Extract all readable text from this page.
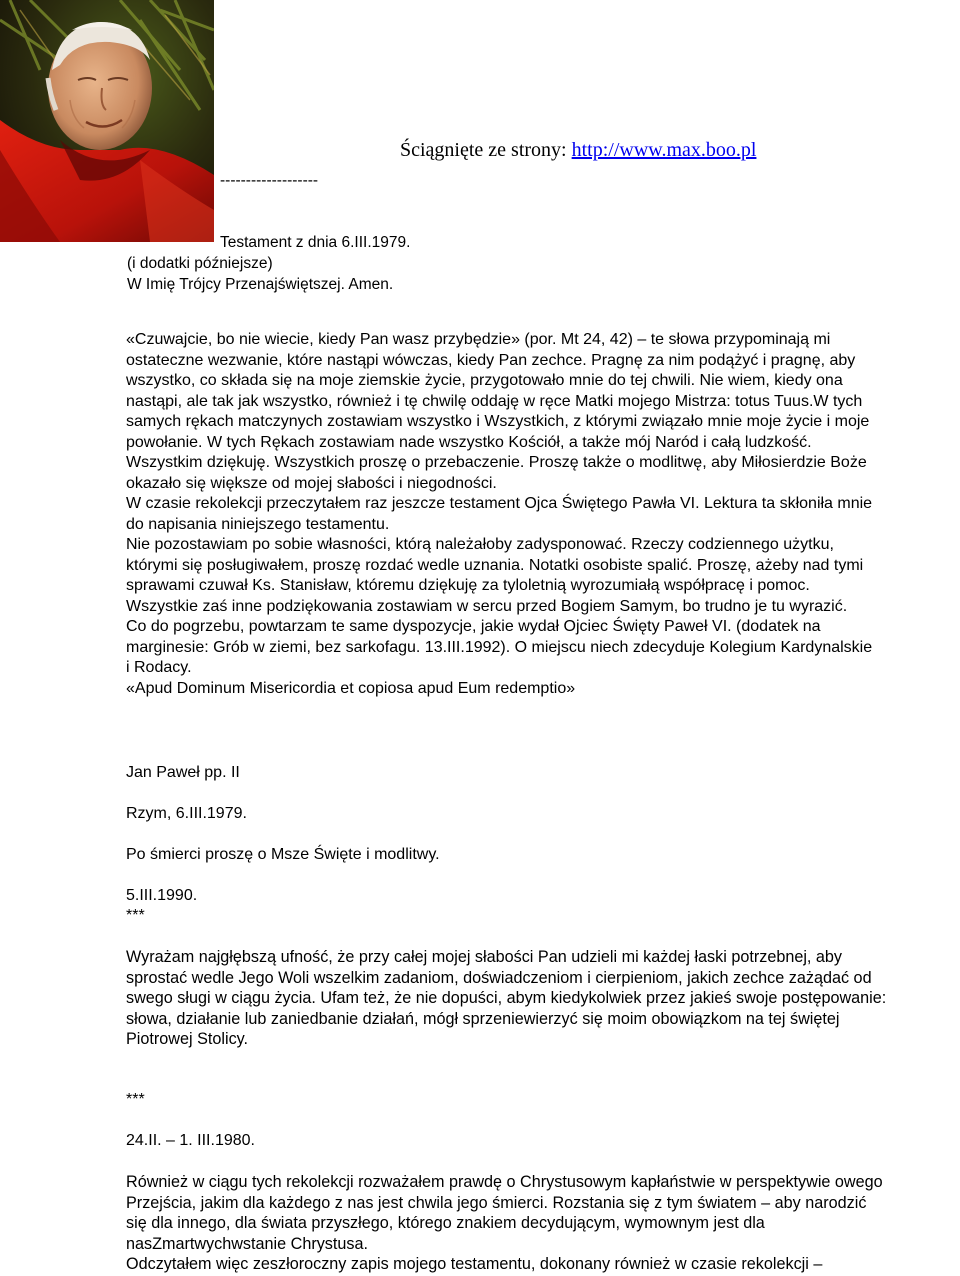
Ściągnięte ze strony: http://www.max.boo.pl
-------------------
Testament z dnia 6.III.1979.
(i dodatki późniejsze)
W Imię Trójcy Przenajświętszej. Amen.
«Czuwajcie, bo nie wiecie, kiedy Pan wasz przybędzie» (por. Mt 24, 42) – te słowa przypominają mi
ostateczne wezwanie, które nastąpi wówczas, kiedy Pan zechce. Pragnę za nim podążyć i pragnę, aby
wszystko, co składa się na moje ziemskie życie, przygotowało mnie do tej chwili. Nie wiem, kiedy ona
nastąpi, ale tak jak wszystko, również i tę chwilę oddaję w ręce Matki mojego Mistrza: totus Tuus.W tych
samych rękach matczynych zostawiam wszystko i Wszystkich, z którymi związało mnie moje życie i moje
powołanie. W tych Rękach zostawiam nade wszystko Kościół, a także mój Naród i całą ludzkość.
Wszystkim dziękuję. Wszystkich proszę o przebaczenie. Proszę także o modlitwę, aby Miłosierdzie Boże
okazało się większe od mojej słabości i niegodności.
W czasie rekolekcji przeczytałem raz jeszcze testament Ojca Świętego Pawła VI. Lektura ta skłoniła mnie
do napisania niniejszego testamentu.
Nie pozostawiam po sobie własności, którą należałoby zadysponować. Rzeczy codziennego użytku,
którymi się posługiwałem, proszę rozdać wedle uznania. Notatki osobiste spalić. Proszę, ażeby nad tymi
sprawami czuwał Ks. Stanisław, któremu dziękuję za tyloletnią wyrozumiałą współpracę i pomoc.
Wszystkie zaś inne podziękowania zostawiam w sercu przed Bogiem Samym, bo trudno je tu wyrazić.
Co do pogrzebu, powtarzam te same dyspozycje, jakie wydał Ojciec Święty Paweł VI. (dodatek na
marginesie: Grób w ziemi, bez sarkofagu. 13.III.1992). O miejscu niech zdecyduje Kolegium Kardynalskie
i Rodacy.
«Apud Dominum Misericordia et copiosa apud Eum redemptio»
Jan Paweł pp. II
Rzym, 6.III.1979.
Po śmierci proszę o Msze Święte i modlitwy.
5.III.1990.
***
Wyrażam najgłębszą ufność, że przy całej mojej słabości Pan udzieli mi każdej łaski potrzebnej, aby
sprostać wedle Jego Woli wszelkim zadaniom, doświadczeniom i cierpieniom, jakich zechce zażądać od
swego sługi w ciągu życia. Ufam też, że nie dopuści, abym kiedykolwiek przez jakieś swoje postępowanie:
słowa, działanie lub zaniedbanie działań, mógł sprzeniewierzyć się moim obowiązkom na tej świętej
Piotrowej Stolicy.
***
24.II. – 1. III.1980.
Również w ciągu tych rekolekcji rozważałem prawdę o Chrystusowym kapłaństwie w perspektywie owego
Przejścia, jakim dla każdego z nas jest chwila jego śmierci. Rozstania się z tym światem – aby narodzić
się dla innego, dla świata przyszłego, którego znakiem decydującym, wymownym jest dla
nasZmartwychwstanie Chrystusa.
Odczytałem więc zeszłoroczny zapis mojego testamentu, dokonany również w czasie rekolekcji –
